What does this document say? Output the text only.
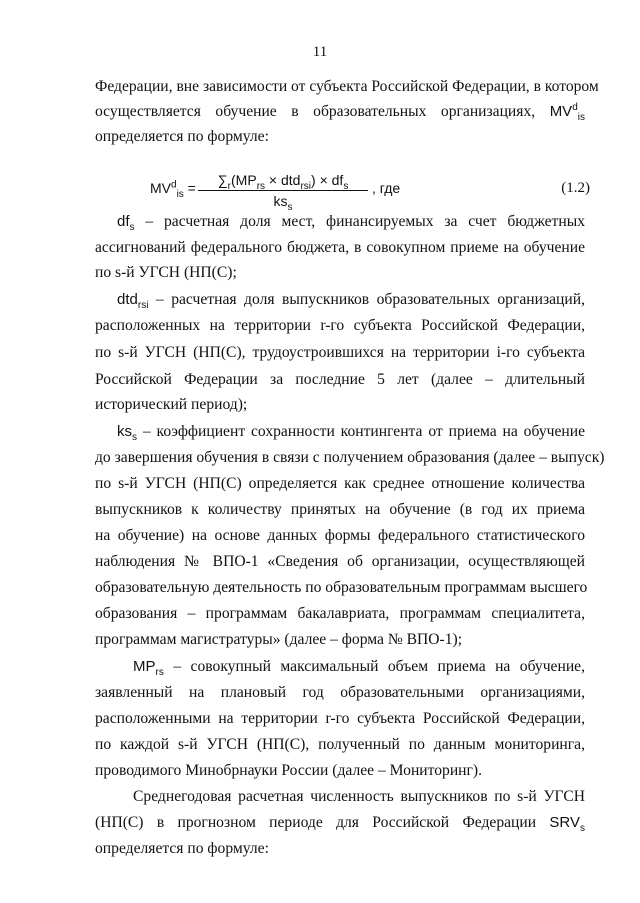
11
Федерации, вне зависимости от субъекта Российской Федерации, в котором
осуществляется обучение в образовательных организациях, $MV^d_{is}$
определяется по формуле:
$MV^d_{is}$ =	$\sum_r(MP_{rs} \times dtd_{rsi}) \times df_s$
$ks_s$
, где	(1.2)
$df_s$ – расчетная доля мест, финансируемых за счет бюджетных
ассигнований федерального бюджета, в совокупном приеме на обучение
по s-й УГСН (НП(С);
dtd$_{rsi}$ – расчетная доля выпускников образовательных организаций,
расположенных на территории r-го субъекта Российской Федерации,
по s-й УГСН (НП(С), трудоустроившихся на территории i-го субъекта
Российской Федерации за последние 5 лет (далее – длительный
исторический период);
$ks_s$ – коэффициент сохранности контингента от приема на обучение
до завершения обучения в связи с получением образования (далее – выпуск)
по s-й УГСН (НП(С) определяется как среднее отношение количества
выпускников к количеству принятых на обучение (в год их приема
на обучение) на основе данных формы федерального статистического
наблюдения № ВПО-1 «Сведения об организации, осуществляющей
образовательную деятельность по образовательным программам высшего
образования – программам бакалавриата, программам специалитета,
программам магистратуры» (далее – форма № ВПО-1);
$MP_{rs}$ – совокупный максимальный объем приема на обучение,
заявленный на плановый год образовательными организациями,
расположенными на территории r-го субъекта Российской Федерации,
по каждой s-й УГСН (НП(С), полученный по данным мониторинга,
проводимого Минобрнауки России (далее – Мониторинг).
Среднегодовая расчетная численность выпускников по s-й УГСН
(НП(С) в прогнозном периоде для Российской Федерации $SRV_s$
определяется по формуле:
